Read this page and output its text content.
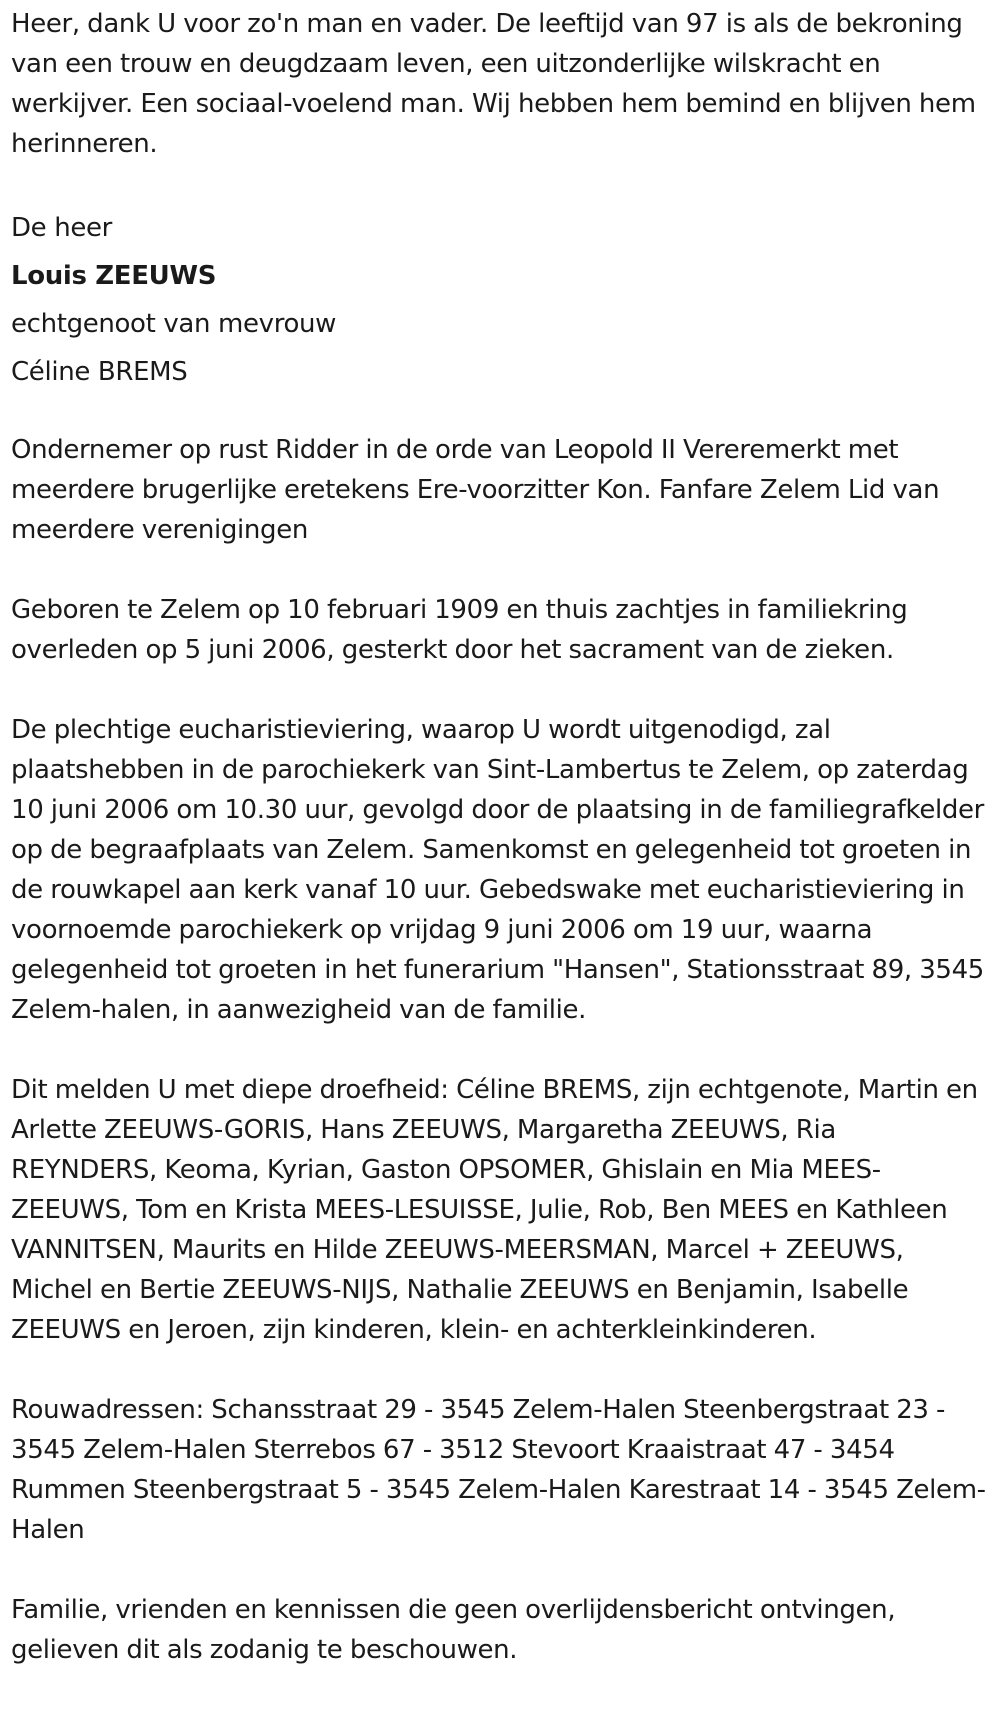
Heer, dank U voor zo'n man en vader. De leeftijd van 97 is als de bekroning van een trouw en deugdzaam leven, een uitzonderlijke wilskracht en werkijver. Een sociaal-voelend man. Wij hebben hem bemind en blijven hem herinneren.

De heer

Louis ZEEUWS

echtgenoot van mevrouw

Céline BREMS

Ondernemer op rust Ridder in de orde van Leopold II Vereremerkt met meerdere brugerlijke eretekens Ere-voorzitter Kon. Fanfare Zelem Lid van meerdere verenigingen

Geboren te Zelem op 10 februari 1909 en thuis zachtjes in familiekring overleden op 5 juni 2006, gesterkt door het sacrament van de zieken.

De plechtige eucharistieviering, waarop U wordt uitgenodigd, zal plaatshebben in de parochiekerk van Sint-Lambertus te Zelem, op zaterdag 10 juni 2006 om 10.30 uur, gevolgd door de plaatsing in de familiegrafkelder op de begraafplaats van Zelem. Samenkomst en gelegenheid tot groeten in de rouwkapel aan kerk vanaf 10 uur. Gebedswake met eucharistieviering in voornoemde parochiekerk op vrijdag 9 juni 2006 om 19 uur, waarna gelegenheid tot groeten in het funerarium "Hansen", Stationsstraat 89, 3545 Zelem-halen, in aanwezigheid van de familie.

Dit melden U met diepe droefheid: Céline BREMS, zijn echtgenote, Martin en Arlette ZEEUWS-GORIS, Hans ZEEUWS, Margaretha ZEEUWS, Ria REYNDERS, Keoma, Kyrian, Gaston OPSOMER, Ghislain en Mia MEES-ZEEUWS, Tom en Krista MEES-LESUISSE, Julie, Rob, Ben MEES en Kathleen VANNITSEN, Maurits en Hilde ZEEUWS-MEERSMAN, Marcel + ZEEUWS, Michel en Bertie ZEEUWS-NIJS, Nathalie ZEEUWS en Benjamin, Isabelle ZEEUWS en Jeroen, zijn kinderen, klein- en achterkleinkinderen.

Rouwadressen: Schansstraat 29 - 3545 Zelem-Halen Steenbergstraat 23 - 3545 Zelem-Halen Sterrebos 67 - 3512 Stevoort Kraaistraat 47 - 3454 Rummen Steenbergstraat 5 - 3545 Zelem-Halen Karestraat 14 - 3545 Zelem-Halen

Familie, vrienden en kennissen die geen overlijdensbericht ontvingen, gelieven dit als zodanig te beschouwen.
